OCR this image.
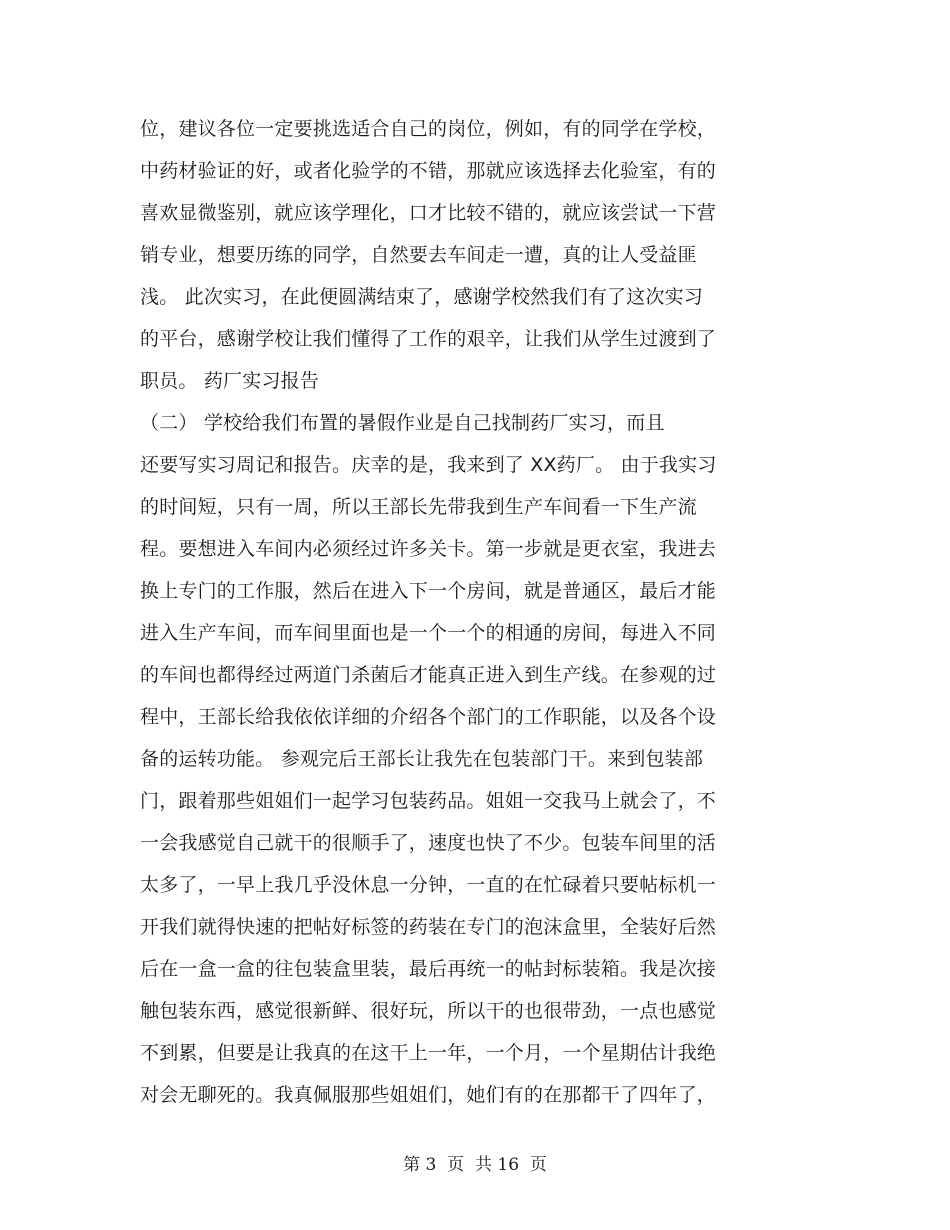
位，建议各位一定要挑选适合自己的岗位，例如，有的同学在学校，
中药材验证的好，或者化验学的不错，那就应该选择去化验室，有的
喜欢显微鉴别，就应该学理化，口才比较不错的，就应该尝试一下营
销专业，想要历练的同学，自然要去车间走一遭，真的让人受益匪
浅。 此次实习，在此便圆满结束了，感谢学校然我们有了这次实习
的平台，感谢学校让我们懂得了工作的艰辛，让我们从学生过渡到了
职员。 药厂实习报告
（二） 学校给我们布置的暑假作业是自己找制药厂实习，而且
还要写实习周记和报告。庆幸的是，我来到了 XX药厂。 由于我实习
的时间短，只有一周，所以王部长先带我到生产车间看一下生产流
程。要想进入车间内必须经过许多关卡。第一步就是更衣室，我进去
换上专门的工作服，然后在进入下一个房间，就是普通区，最后才能
进入生产车间，而车间里面也是一个一个的相通的房间，每进入不同
的车间也都得经过两道门杀菌后才能真正进入到生产线。在参观的过
程中，王部长给我依依详细的介绍各个部门的工作职能，以及各个设
备的运转功能。 参观完后王部长让我先在包装部门干。来到包装部
门，跟着那些姐姐们一起学习包装药品。姐姐一交我马上就会了，不
一会我感觉自己就干的很顺手了，速度也快了不少。包装车间里的活
太多了，一早上我几乎没休息一分钟，一直的在忙碌着只要帖标机一
开我们就得快速的把帖好标签的药装在专门的泡沫盒里，全装好后然
后在一盒一盒的往包装盒里装，最后再统一的帖封标装箱。我是次接
触包装东西，感觉很新鲜、很好玩，所以干的也很带劲，一点也感觉
不到累，但要是让我真的在这干上一年，一个月，一个星期估计我绝
对会无聊死的。我真佩服那些姐姐们，她们有的在那都干了四年了，
第 3  页  共 16  页
